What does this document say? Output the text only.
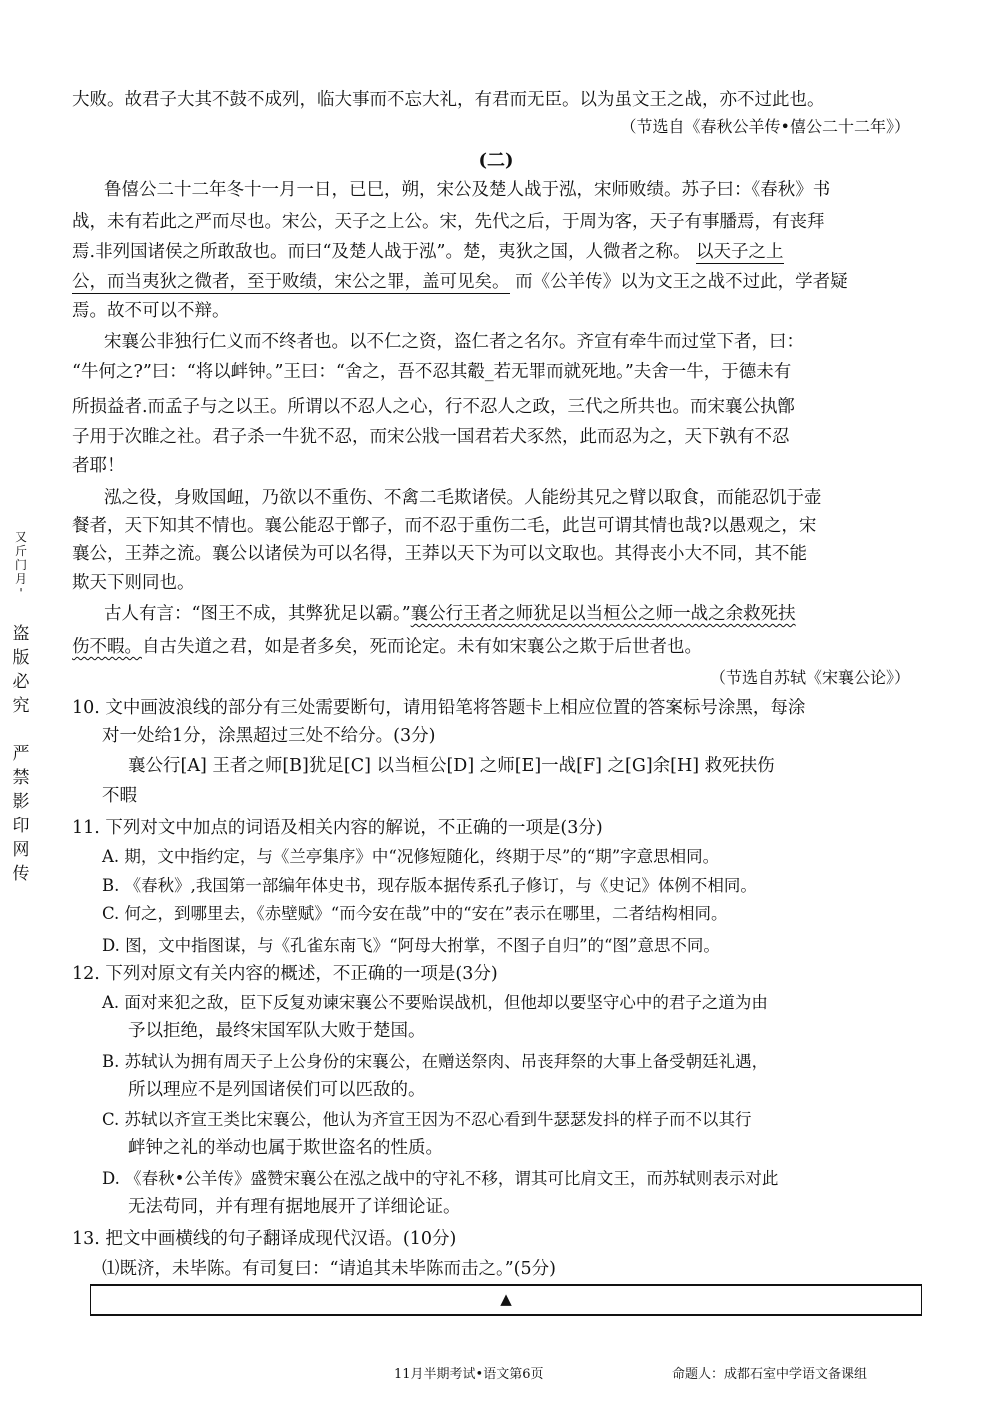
大败。故君子大其不鼓不成列，临大事而不忘大礼，有君而无臣。以为虽文王之战，亦不过此也。
（节选自《春秋公羊传•僖公二十二年》）
(二)
鲁僖公二十二年冬十一月一日，已巳，朔，宋公及楚人战于泓，宋师败绩。苏子曰：《春秋》书
战，未有若此之严而尽也。宋公，天子之上公。宋，先代之后，于周为客，天子有事膰焉，有丧拜
焉.非列国诸侯之所敢敌也。而曰“及楚人战于泓”。楚，夷狄之国，人微者之称。 以天子之上
公，而当夷狄之微者，至于败绩，宋公之罪，盖可见矣。 而《公羊传》以为文王之战不过此，学者疑
焉。故不可以不辩。
宋襄公非独行仁义而不终者也。以不仁之资，盗仁者之名尔。齐宣有牵牛而过堂下者，曰：
“牛何之?”曰：“将以衅钟。”王曰：“舍之，吾不忍其觳_若无罪而就死地。”夫舍一牛，于德未有
所损益者.而孟子与之以王。所谓以不忍人之心，行不忍人之政，三代之所共也。而宋襄公执鄫
子用于次睢之社。君子杀一牛犹不忍，而宋公戕一国君若犬豕然，此而忍为之，天下孰有不忍
者耶！
泓之役，身败国衄，乃欲以不重伤、不禽二毛欺诸侯。人能纷其兄之臂以取食，而能忍饥于壶
餐者，天下知其不情也。襄公能忍于鄫子，而不忍于重伤二毛，此岂可谓其情也哉?以愚观之，宋
襄公，王莽之流。襄公以诸侯为可以名得，王莽以天下为可以文取也。其得丧小大不同，其不能
欺天下则同也。
古人有言：“图王不成，其弊犹足以霸。”襄公行王者之师犹足以当桓公之师一战之余救死扶
伤不暇。自古失道之君，如是者多矣，死而论定。未有如宋襄公之欺于后世者也。
（节选自苏轼《宋襄公论》）
10. 文中画波浪线的部分有三处需要断句，请用铅笔将答题卡上相应位置的答案标号涂黑，每涂
对一处给1分，涂黑超过三处不给分。(3分)
襄公行[A] 王者之师[B]犹足[C] 以当桓公[D] 之师[E]一战[F] 之[G]余[H] 救死扶伤
不暇
11. 下列对文中加点的词语及相关内容的解说，不正确的一项是(3分)
A. 期，文中指约定，与《兰亭集序》中“况修短随化，终期于尽”的“期”字意思相同。
B. 《春秋》,我国第一部编年体史书，现存版本据传系孔子修订，与《史记》体例不相同。
C. 何之，到哪里去，《赤壁赋》“而今安在哉”中的“安在”表示在哪里，二者结构相同。
D. 图，文中指图谋，与《孔雀东南飞》“阿母大拊掌，不图子自归”的“图”意思不同。
12. 下列对原文有关内容的概述，不正确的一项是(3分)
A. 面对来犯之敌，臣下反复劝谏宋襄公不要贻误战机，但他却以要坚守心中的君子之道为由
予以拒绝，最终宋国军队大败于楚国。
B. 苏轼认为拥有周天子上公身份的宋襄公，在赠送祭肉、吊丧拜祭的大事上备受朝廷礼遇，
所以理应不是列国诸侯们可以匹敌的。
C. 苏轼以齐宣王类比宋襄公，他认为齐宣王因为不忍心看到牛瑟瑟发抖的样子而不以其行
衅钟之礼的举动也属于欺世盗名的性质。
D. 《春秋•公羊传》盛赞宋襄公在泓之战中的守礼不移，谓其可比肩文王，而苏轼则表示对此
无法苟同，并有理有据地展开了详细论证。
13. 把文中画横线的句子翻译成现代汉语。(10分)
⑴既济，未毕陈。有司复曰：“请追其未毕陈而击之。”(5分)
▲
又
斤
门
月
'
盗
版
必
究
严
禁
影
印
网
传
11月半期考试•语文第6页	命题人：成都石室中学语文备课组
